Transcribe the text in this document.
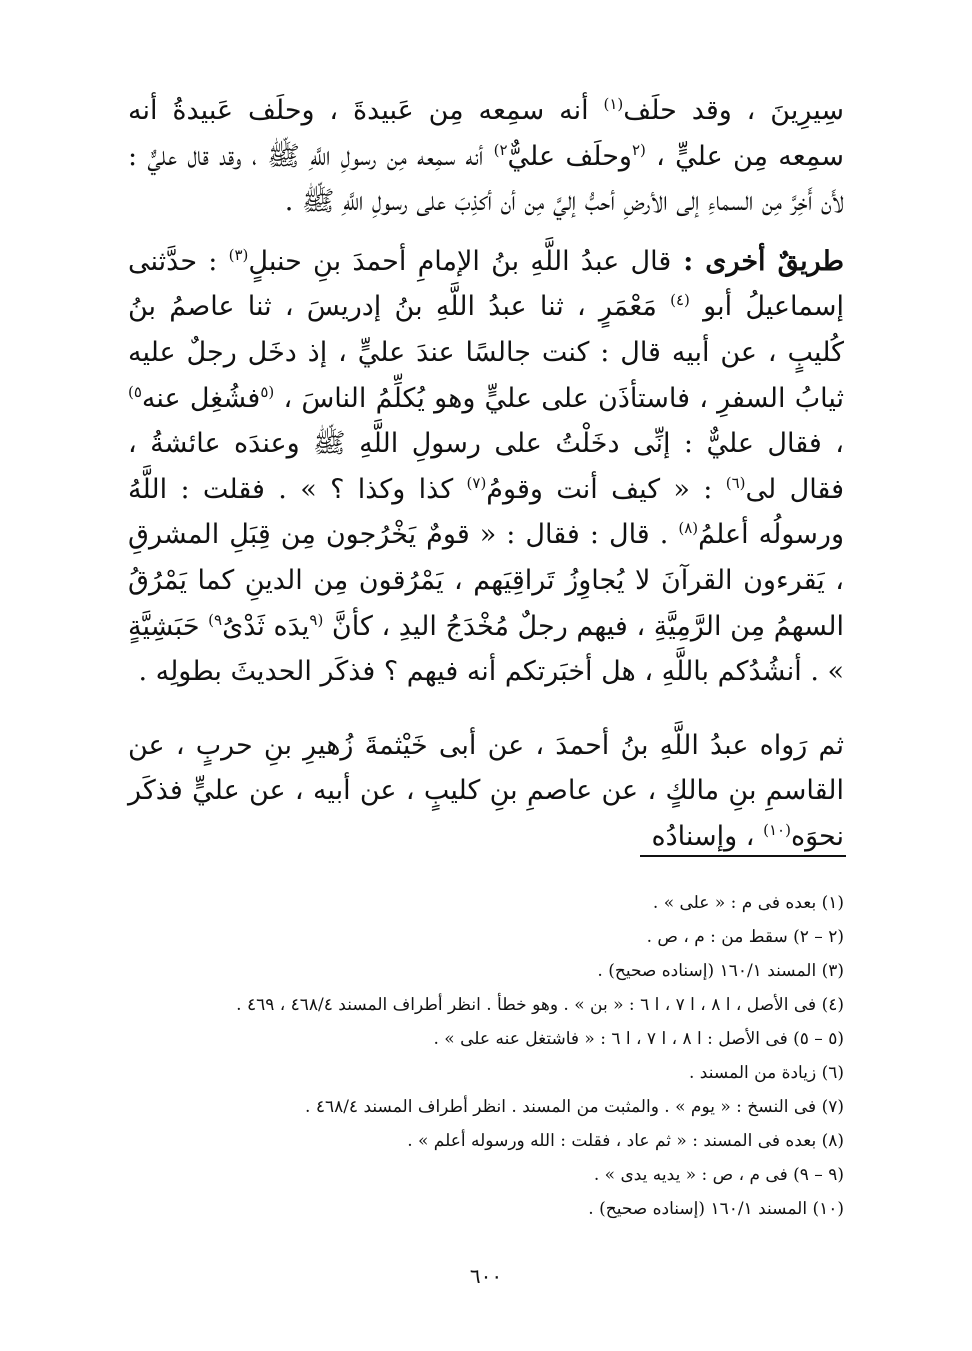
سِيرِينَ ، وقد حلَف$^{(١)}$ أنه سمِعه مِن عَبيدةَ ، وحلَف عَبيدةُ أنه سمِعه مِن عليٍّ ، $^{(٢}$وحلَف عليٌّ$^{٢)}$ أنه سمِعه مِن رسولِ اللَّهِ ﷺ ، وقد قال عليٌّ : لأَن أَخِرَّ مِن السماءِ إلى الأرضِ أحبُّ إليَّ مِن أن أكذِبَ على رسولِ اللَّهِ ﷺ .

طريقٌ أخرى : قال عبدُ اللَّهِ بنُ الإمامِ أحمدَ بنِ حنبلٍ$^{(٣)}$ : حدَّثنى إسماعيلُ أبو $^{(٤)}$ مَعْمَرٍ ، ثنا عبدُ اللَّهِ بنُ إدريسَ ، ثنا عاصمُ بنُ كُليبٍ ، عن أبيه قال : كنت جالسًا عندَ عليٍّ ، إذ دخَل رجلٌ عليه ثيابُ السفرِ ، فاستأذَن على عليٍّ وهو يُكلِّمُ الناسَ ، $^{(٥}$فشُغِل عنه$^{٥)}$ ، فقال عليٌّ : إنِّى دخَلْتُ على رسولِ اللَّهِ ﷺ وعندَه عائشةُ ، فقال لى$^{(٦)}$ : « كيف أنت وقومُ$^{(٧)}$ كذا وكذا ؟ » . فقلت : اللَّهُ ورسولُه أعلمُ$^{(٨)}$ . قال : فقال : « قومٌ يَخْرُجون مِن قِبَلِ المشرقِ ، يَقرءون القرآنَ لا يُجاوِزُ تَراقِيَهم ، يَمْرُقون مِن الدينِ كما يَمْرُقُ السهمُ مِن الرَّمِيَّةِ ، فيهم رجلٌ مُخْدَجُ اليدِ ، كأنَّ $^{(٩}$يدَه ثَدْىُ$^{٩)}$ حَبَشِيَّةٍ » . أنشُدُكم باللَّهِ ، هل أخبَرتكم أنه فيهم ؟ فذكَر الحديثَ بطولِه .

ثم رَواه عبدُ اللَّهِ بنُ أحمدَ ، عن أبى خَيْثمةَ زُهيرِ بنِ حربٍ ، عن القاسمِ بنِ مالكٍ ، عن عاصمِ بنِ كليبٍ ، عن أبيه ، عن عليٍّ فذكَر نحوَه$^{(١٠)}$ ، وإسنادُه

(١) بعده فى م : « على » .
(٢ – ٢) سقط من : م ، ص .
(٣) المسند ١٦٠/١ (إسناده صحيح) .
(٤) فى الأصل ، ا ٨ ، ا ٧ ، ا ٦ : « بن » . وهو خطأ . انظر أطراف المسند ٤٦٨/٤ ، ٤٦٩ .
(٥ – ٥) فى الأصل : ا ٨ ، ا ٧ ، ا ٦ : « فاشتغل عنه على » .
(٦) زيادة من المسند .
(٧) فى النسخ : « يوم » . والمثبت من المسند . انظر أطراف المسند ٤٦٨/٤ .
(٨) بعده فى المسند : « ثم عاد ، فقلت : الله ورسوله أعلم » .
(٩ – ٩) فى م ، ص : « يديه يدى » .
(١٠) المسند ١٦٠/١ (إسناده صحيح) .
٦٠٠
